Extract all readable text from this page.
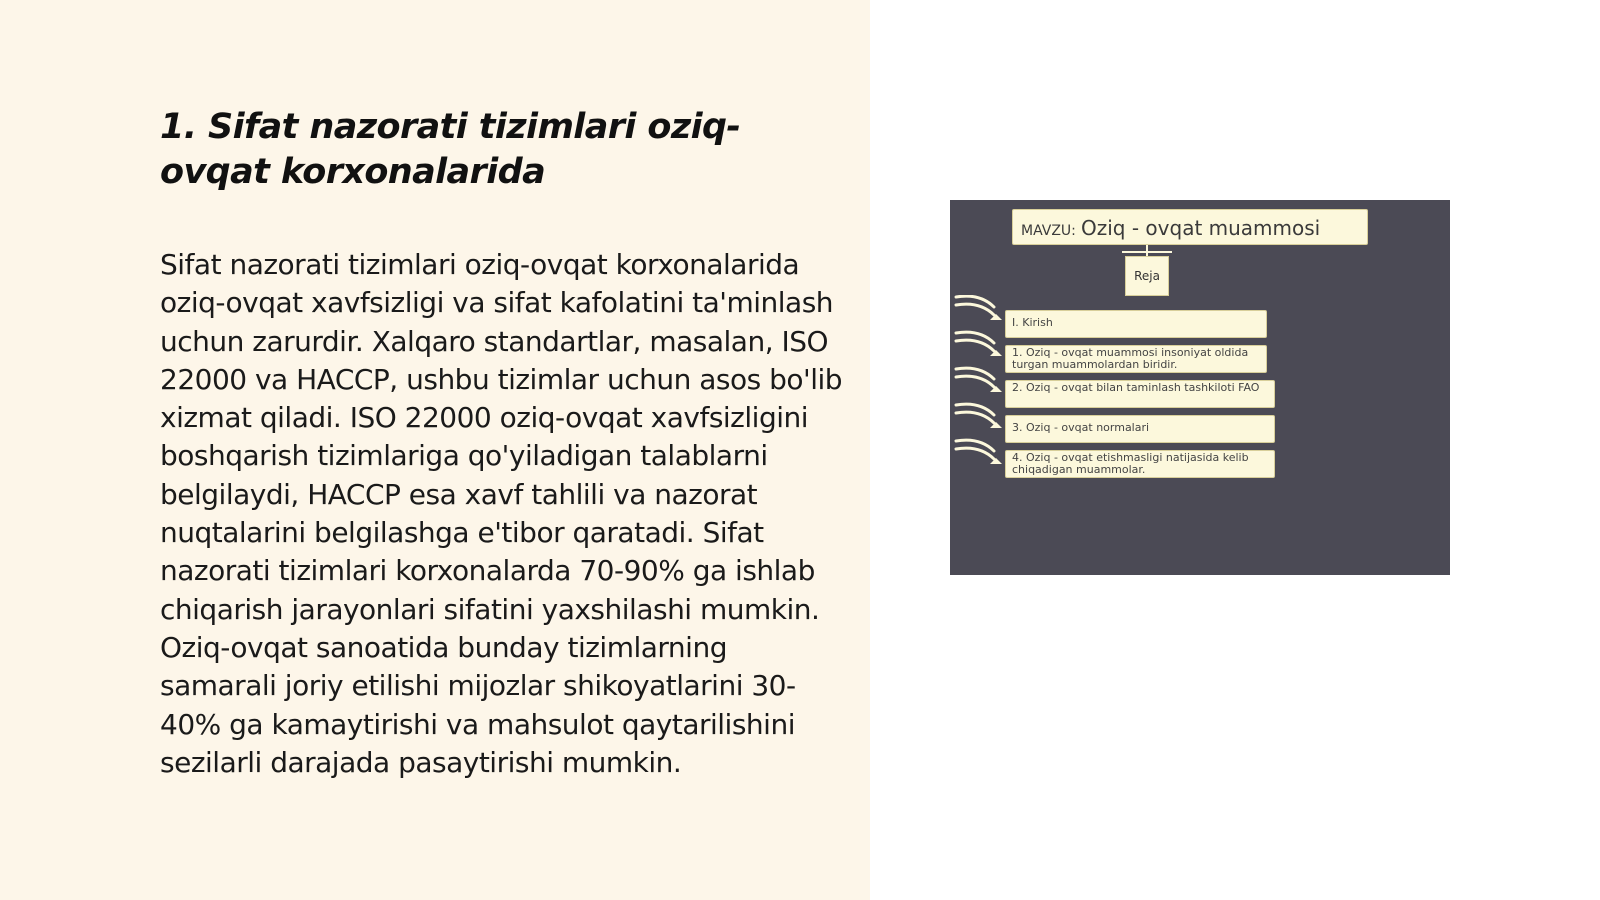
1. Sifat nazorati tizimlari oziq-ovqat korxonalarida

Sifat nazorati tizimlari oziq-ovqat korxonalarida oziq-ovqat xavfsizligi va sifat kafolatini ta'minlash uchun zarurdir. Xalqaro standartlar, masalan, ISO 22000 va HACCP, ushbu tizimlar uchun asos bo'lib xizmat qiladi. ISO 22000 oziq-ovqat xavfsizligini boshqarish tizimlariga qo'yiladigan talablarni belgilaydi, HACCP esa xavf tahlili va nazorat nuqtalarini belgilashga e'tibor qaratadi. Sifat nazorati tizimlari korxonalarda 70-90% ga ishlab chiqarish jarayonlari sifatini yaxshilashi mumkin. Oziq-ovqat sanoatida bunday tizimlarning samarali joriy etilishi mijozlar shikoyatlarini 30-40% ga kamaytirishi va mahsulot qaytarilishini sezilarli darajada pasaytirishi mumkin.

MAVZU: Oziq - ovqat muammosi
Reja
I. Kirish
1. Oziq - ovqat muammosi insoniyat oldida turgan muammolardan biridir.
2. Oziq - ovqat bilan taminlash tashkiloti FAO
3. Oziq - ovqat normalari
4. Oziq - ovqat etishmasligi natijasida kelib chiqadigan muammolar.
